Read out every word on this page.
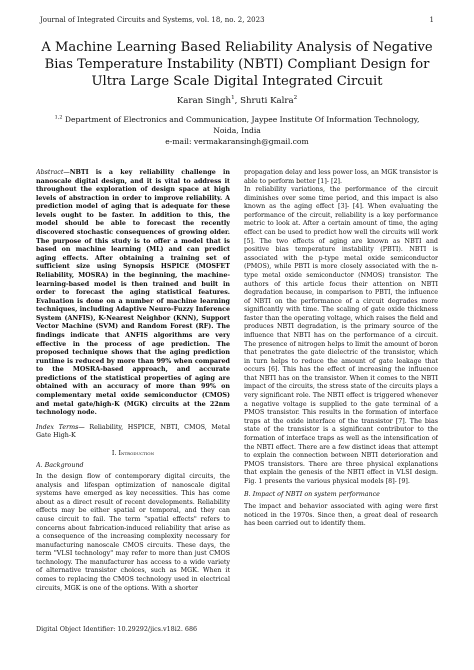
Journal of Integrated Circuits and Systems, vol. 18, no. 2, 2023	1
A Machine Learning Based Reliability Analysis of Negative Bias Temperature Instability (NBTI) Compliant Design for Ultra Large Scale Digital Integrated Circuit
Karan Singh$^1$, Shruti Kalra$^2$
$^{1,2}$ Department of Electronics and Communication, Jaypee Institute Of Information Technology,
Noida, India
e-mail: vermakaransingh@gmail.com

Abstract—NBTI is a key reliability challenge in nanoscale digital design, and it is vital to address it throughout the exploration of design space at high levels of abstraction in order to improve reliability. A prediction model of aging that is adequate for these levels ought to be faster. In addition to this, the model should be able to forecast the recently discovered stochastic consequences of growing older. The purpose of this study is to offer a model that is based on machine learning (ML) and can predict aging effects. After obtaining a training set of sufficient size using Synopsis HSPICE (MOSFET Reliability, MOSRA) in the beginning, the machine-learning-based model is then trained and built in order to forecast the aging statistical features. Evaluation is done on a number of machine learning techniques, including Adaptive Neuro-Fuzzy Inference System (ANFIS), K-Nearest Neighbor (KNN), Support Vector Machine (SVM) and Random Forest (RF). The findings indicate that ANFIS algorithms are very effective in the process of age prediction. The proposed technique shows that the aging prediction runtime is reduced by more than 99% when compared to the MOSRA-based approach, and accurate predictions of the statistical properties of aging are obtained with an accuracy of more than 99% on complementary metal oxide semiconductor (CMOS) and metal gate/high-K (MGK) circuits at the 22nm technology node.

Index Terms— Reliability, HSPICE, NBTI, CMOS, Metal Gate High-K

I. Introduction

A. Background

In the design flow of contemporary digital circuits, the analysis and lifespan optimization of nanoscale digital systems have emerged as key necessities. This has come about as a direct result of recent developments. Reliability effects may be either spatial or temporal, and they can cause circuit to fail. The term "spatial effects" refers to concerns about fabrication-induced reliability that arise as a consequence of the increasing complexity necessary for manufacturing nanoscale CMOS circuits. These days, the term "VLSI technology" may refer to more than just CMOS technology. The manufacturer has access to a wide variety of alternative transistor choices, such as MGK. When it comes to replacing the CMOS technology used in electrical circuits, MGK is one of the options. With a shorter

propagation delay and less power loss, an MGK transistor is able to perform better [1]- [2].

In reliability variations, the performance of the circuit diminishes over some time period, and this impact is also known as the aging effect [3]- [4]. When evaluating the performance of the circuit, reliability is a key performance metric to look at. After a certain amount of time, the aging effect can be used to predict how well the circuits will work [5]. The two effects of aging are known as NBTI and positive bias temperature instability (PBTI). NBTI is associated with the p-type metal oxide semiconductor (PMOS), while PBTI is more closely associated with the n-type metal oxide semiconductor (NMOS) transistor. The authors of this article focus their attention on NBTI degradation because, in comparison to PBTI, the influence of NBTI on the performance of a circuit degrades more significantly with time. The scaling of gate oxide thickness faster than the operating voltage, which raises the field and produces NBTI degradation, is the primary source of the influence that NBTI has on the performance of a circuit. The presence of nitrogen helps to limit the amount of boron that penetrates the gate dielectric of the transistor, which in turn helps to reduce the amount of gate leakage that occurs [6]. This has the effect of increasing the influence that NBTI has on the transistor. When it comes to the NBTI impact of the circuits, the stress state of the circuits plays a very significant role. The NBTI effect is triggered whenever a negative voltage is supplied to the gate terminal of a PMOS transistor. This results in the formation of interface traps at the oxide interface of the transistor [7]. The bias state of the transistor is a significant contributor to the formation of interface traps as well as the intensification of the NBTI effect. There are a few distinct ideas that attempt to explain the connection between NBTI deterioration and PMOS transistors. There are three physical explanations that explain the genesis of the NBTI effect in VLSI design. Fig. 1 presents the various physical models [8]- [9].

B. Impact of NBTI on system performance

The impact and behavior associated with aging were first noticed in the 1970s. Since then, a great deal of research has been carried out to identify them.

Digital Object Identifier: 10.29292/jics.v18i2. 686
